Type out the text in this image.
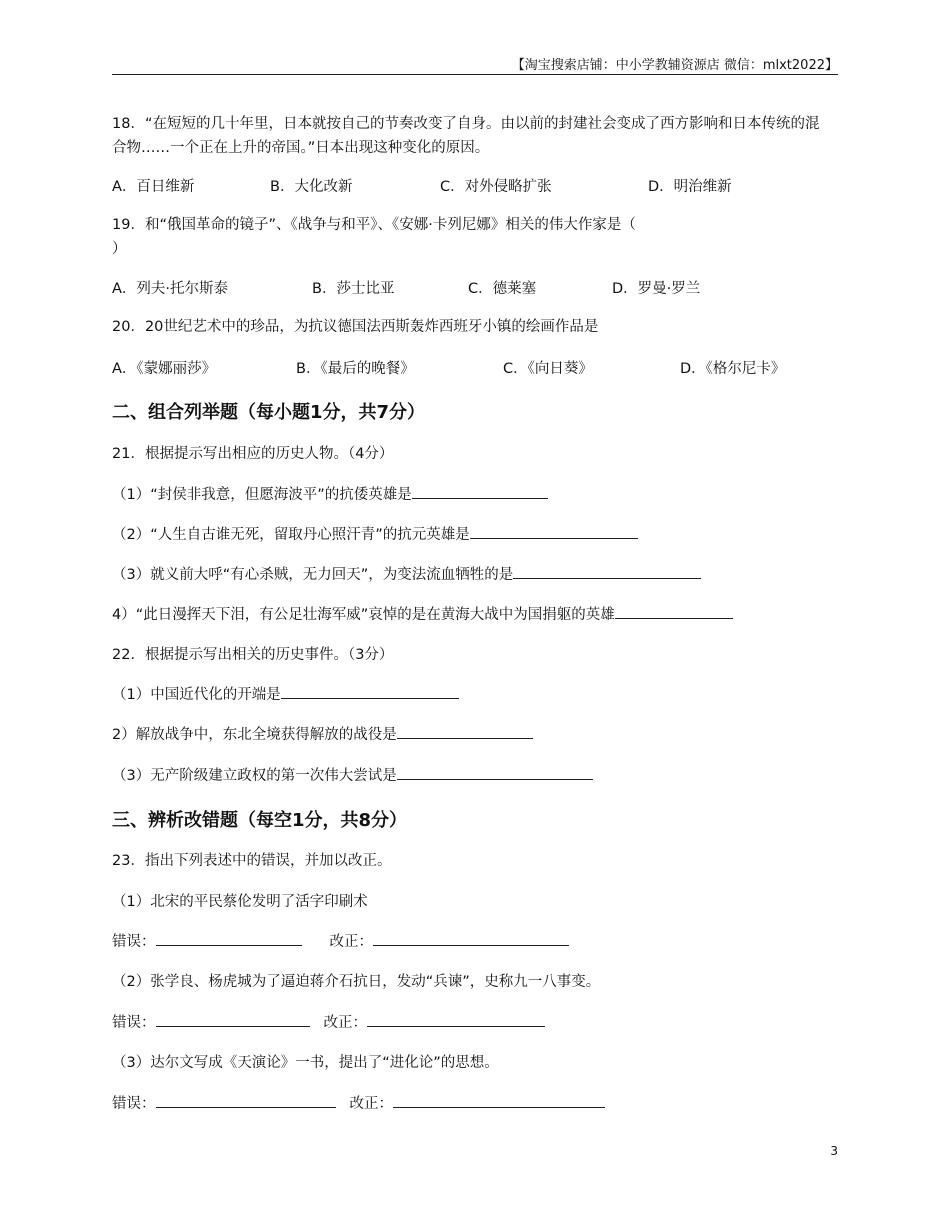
【淘宝搜索店铺：中小学教辅资源店 微信：mlxt2022】
18．“在短短的几十年里，日本就按自己的节奏改变了自身。由以前的封建社会变成了西方影响和日本传统的混合物……一个正在上升的帝国。”日本出现这种变化的原因。
A．百日维新	B．大化改新	C．对外侵略扩张	D．明治维新
19．和“俄国革命的镜子”、《战争与和平》、《安娜·卡列尼娜》相关的伟大作家是（
）
A．列夫·托尔斯泰	B．莎士比亚	C．德莱塞	D．罗曼·罗兰
20．20世纪艺术中的珍品，为抗议德国法西斯轰炸西班牙小镇的绘画作品是
A．《蒙娜丽莎》	B．《最后的晚餐》	C．《向日葵》	D．《格尔尼卡》
二、组合列举题（每小题1分，共7分）
21．根据提示写出相应的历史人物。（4分）
（1）“封侯非我意，但愿海波平”的抗倭英雄是
（2）“人生自古谁无死，留取丹心照汗青”的抗元英雄是
（3）就义前大呼“有心杀贼，无力回天”，为变法流血牺牲的是
4）“此日漫挥天下泪，有公足壮海军威”哀悼的是在黄海大战中为国捐躯的英雄
22．根据提示写出相关的历史事件。（3分）
（1）中国近代化的开端是
2）解放战争中，东北全境获得解放的战役是
（3）无产阶级建立政权的第一次伟大尝试是
三、辨析改错题（每空1分，共8分）
23．指出下列表述中的错误，并加以改正。
（1）北宋的平民蔡伦发明了活字印刷术
错误：	改正：
（2）张学良、杨虎城为了逼迫蒋介石抗日，发动“兵谏”，史称九一八事变。
错误：	改正：
（3）达尔文写成《天演论》一书，提出了“进化论”的思想。
错误：	改正：
3
